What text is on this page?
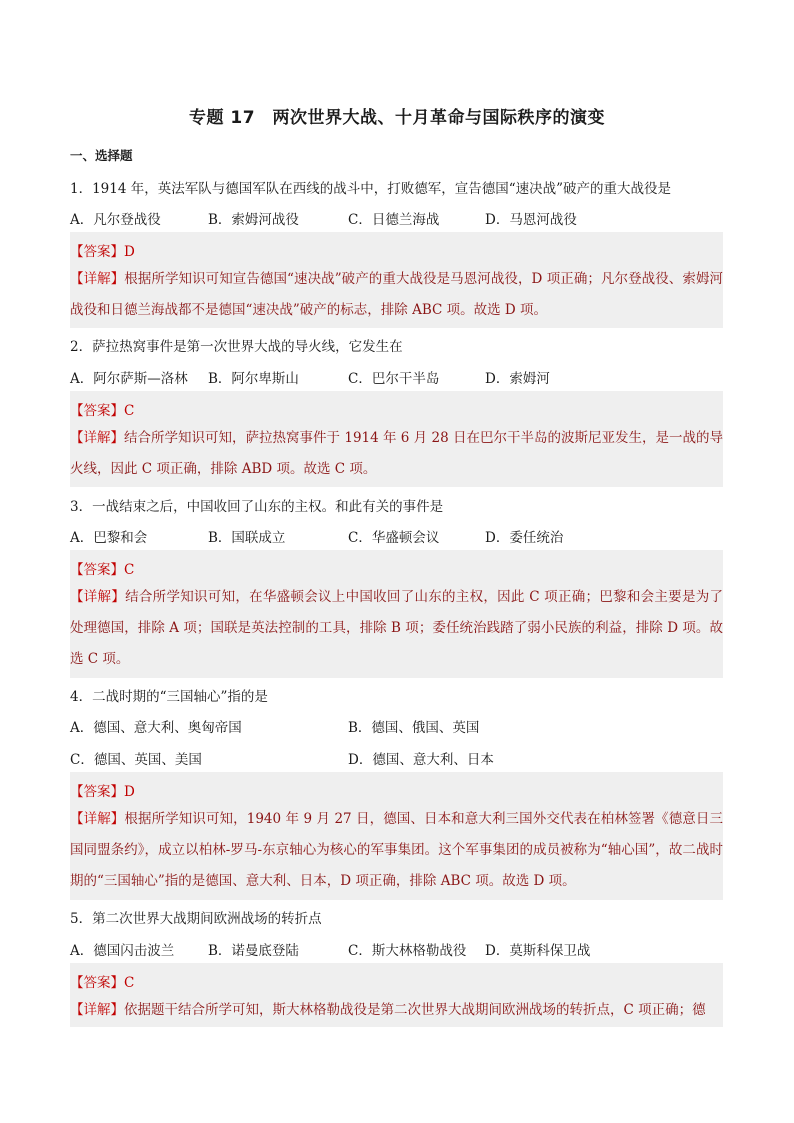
专题 17　两次世界大战、十月革命与国际秩序的演变
一、选择题
1．1914 年，英法军队与德国军队在西线的战斗中，打败德军，宣告德国“速决战”破产的重大战役是
A．凡尔登战役	B．索姆河战役	C．日德兰海战	D．马恩河战役
【答案】D
【详解】根据所学知识可知宣告德国“速决战”破产的重大战役是马恩河战役，D 项正确；凡尔登战役、索姆河战役和日德兰海战都不是德国“速决战”破产的标志，排除 ABC 项。故选 D 项。
2．萨拉热窝事件是第一次世界大战的导火线，它发生在
A．阿尔萨斯—洛林 B．阿尔卑斯山	C．巴尔干半岛	D．索姆河
【答案】C
【详解】结合所学知识可知，萨拉热窝事件于 1914 年 6 月 28 日在巴尔干半岛的波斯尼亚发生，是一战的导火线，因此 C 项正确，排除 ABD 项。故选 C 项。
3．一战结束之后，中国收回了山东的主权。和此有关的事件是
A．巴黎和会	B．国联成立	C．华盛顿会议	D．委任统治
【答案】C
【详解】结合所学知识可知，在华盛顿会议上中国收回了山东的主权，因此 C 项正确；巴黎和会主要是为了处理德国，排除 A 项；国联是英法控制的工具，排除 B 项；委任统治践踏了弱小民族的利益，排除 D 项。故选 C 项。
4．二战时期的“三国轴心”指的是
A．德国、意大利、奥匈帝国	B．德国、俄国、英国
C．德国、英国、美国	D．德国、意大利、日本
【答案】D
【详解】根据所学知识可知，1940 年 9 月 27 日，德国、日本和意大利三国外交代表在柏林签署《德意日三国同盟条约》，成立以柏林-罗马-东京轴心为核心的军事集团。这个军事集团的成员被称为“轴心国”，故二战时期的“三国轴心”指的是德国、意大利、日本，D 项正确，排除 ABC 项。故选 D 项。
5．第二次世界大战期间欧洲战场的转折点
A．德国闪击波兰	B．诺曼底登陆	C．斯大林格勒战役 D．莫斯科保卫战
【答案】C
【详解】依据题干结合所学可知，斯大林格勒战役是第二次世界大战期间欧洲战场的转折点，C 项正确；德
